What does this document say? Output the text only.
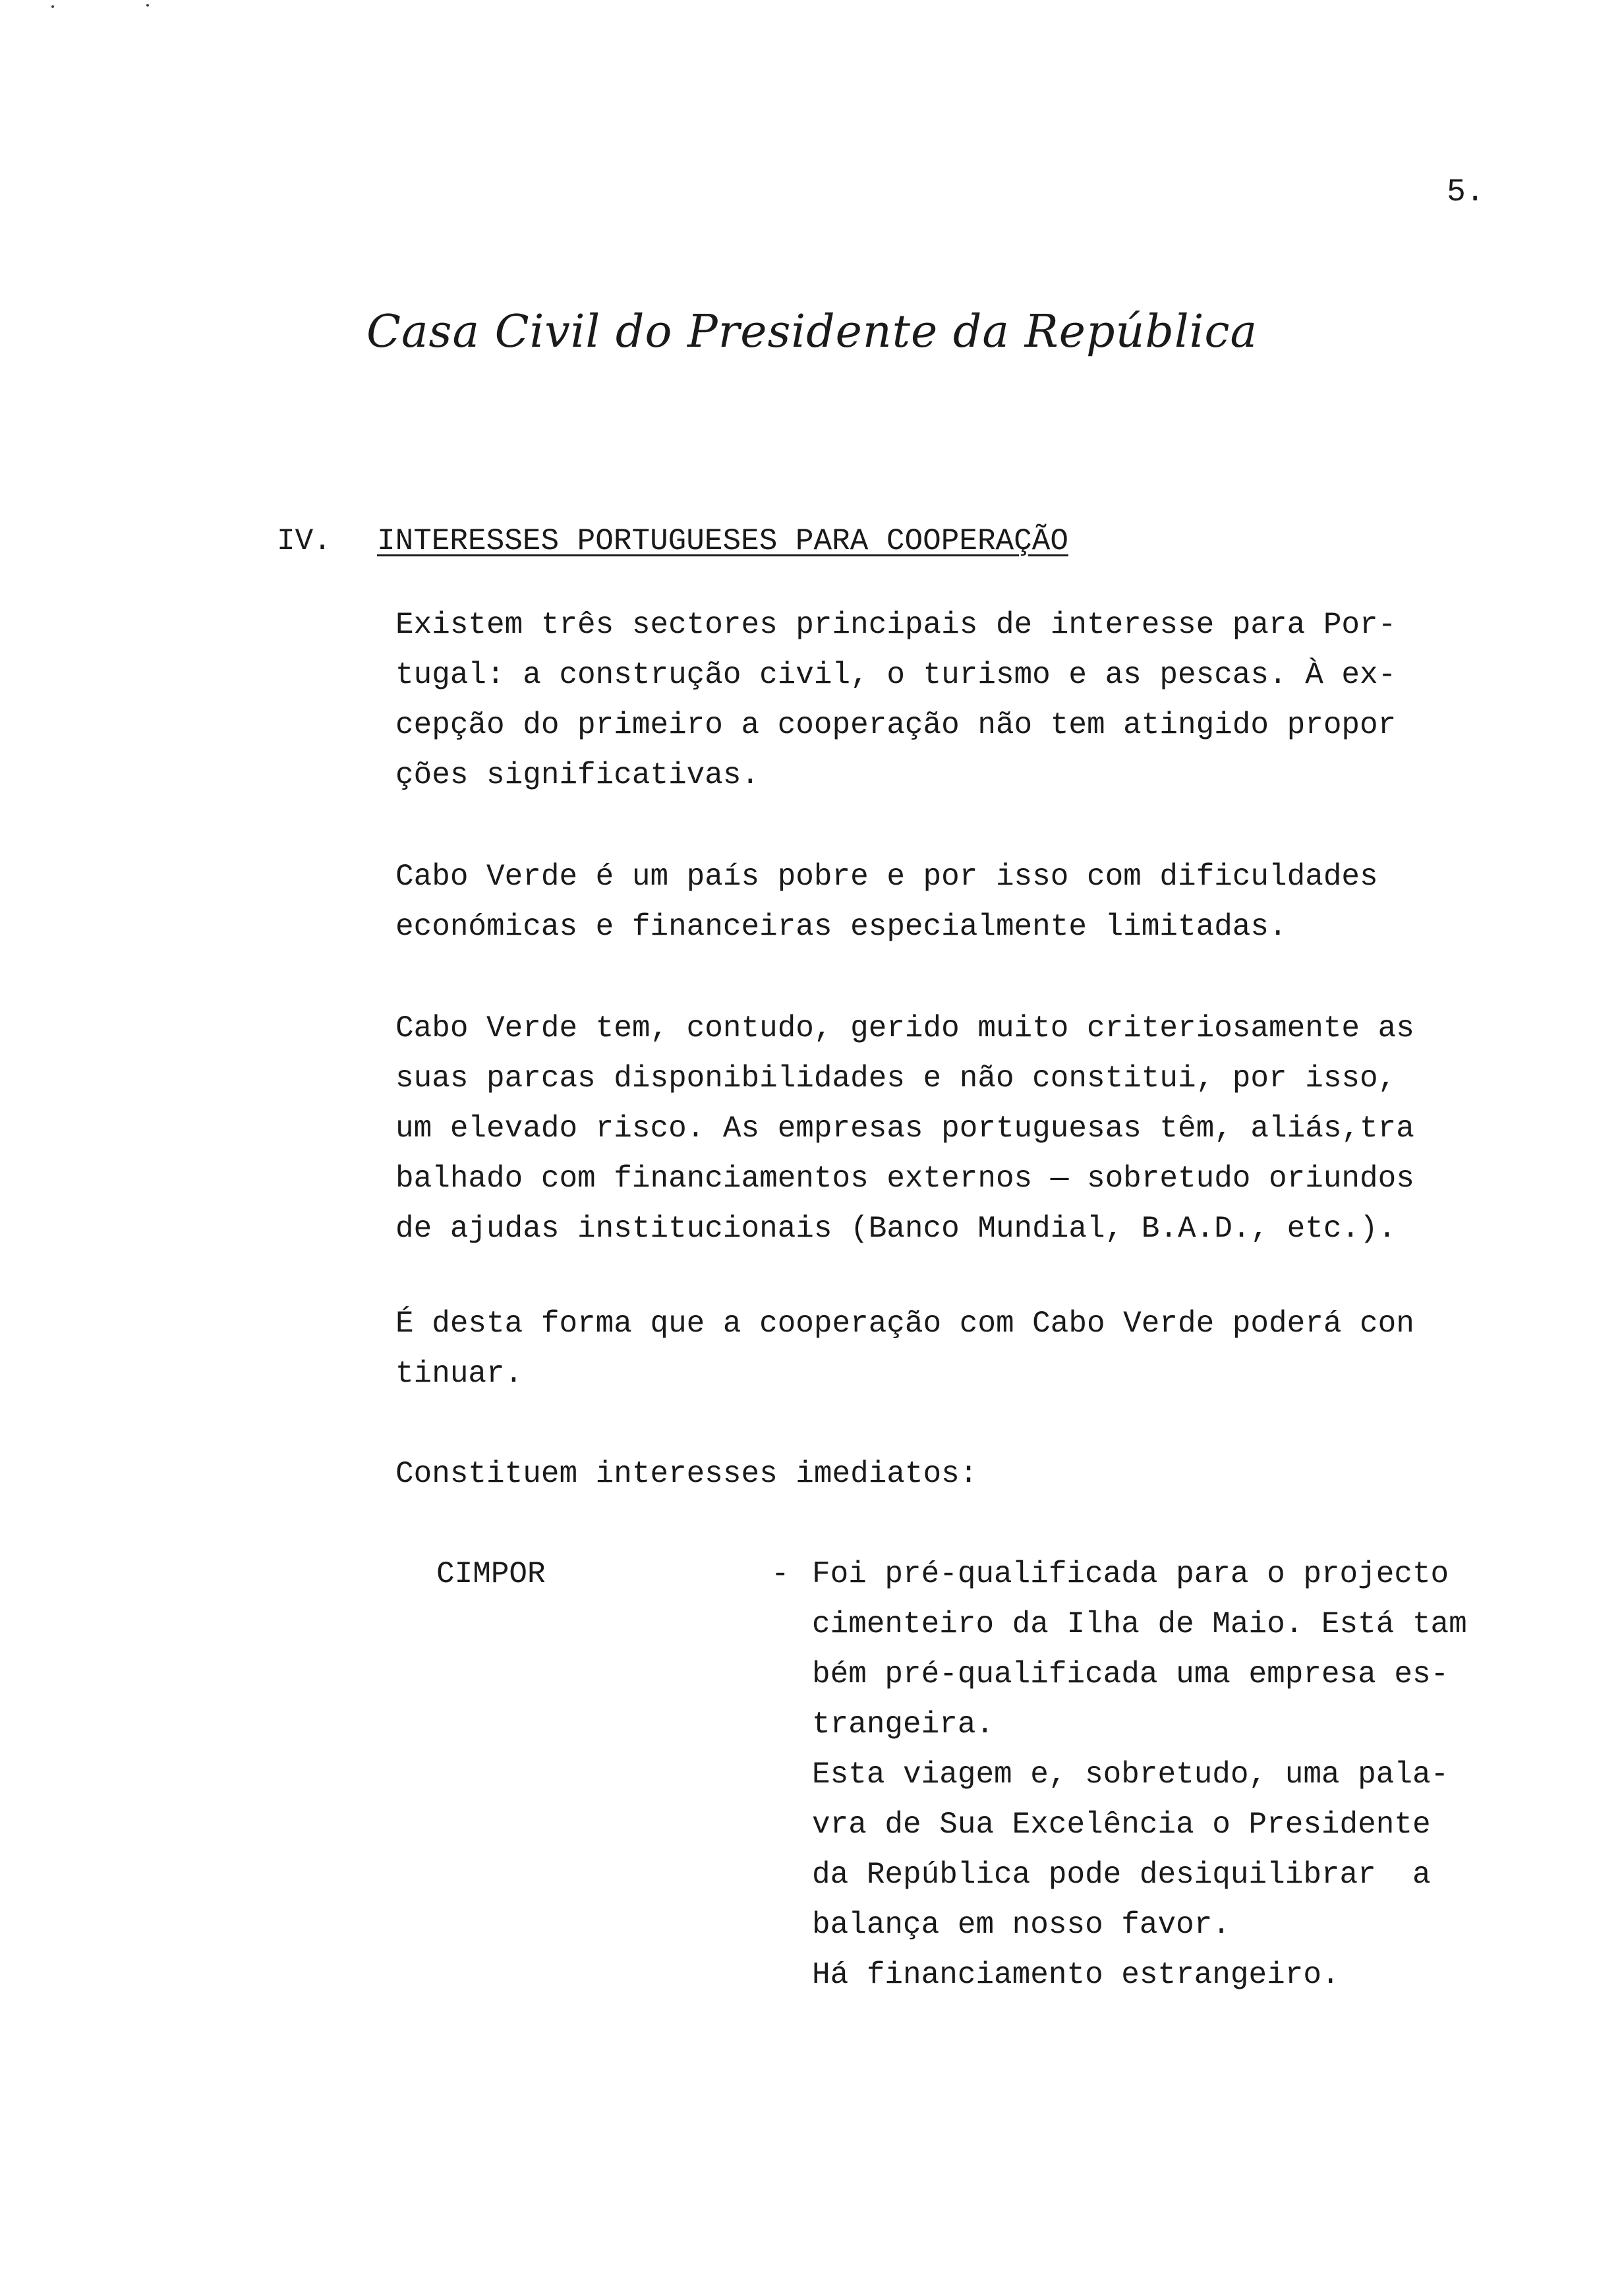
5.
Casa Civil do Presidente da República
IV. INTERESSES PORTUGUESES PARA COOPERAÇÃO
Existem três sectores principais de interesse para Por-
tugal: a construção civil, o turismo e as pescas. À ex-
cepção do primeiro a cooperação não tem atingido propor
ções significativas.
Cabo Verde é um país pobre e por isso com dificuldades
económicas e financeiras especialmente limitadas.
Cabo Verde tem, contudo, gerido muito criteriosamente as
suas parcas disponibilidades e não constitui, por isso,
um elevado risco. As empresas portuguesas têm, aliás,tra
balhado com financiamentos externos — sobretudo oriundos
de ajudas institucionais (Banco Mundial, B.A.D., etc.).
É desta forma que a cooperação com Cabo Verde poderá con
tinuar.
Constituem interesses imediatos:
CIMPOR	- Foi pré-qualificada para o projecto
cimenteiro da Ilha de Maio. Está tam
bém pré-qualificada uma empresa es-
trangeira.
Esta viagem e, sobretudo, uma pala-
vra de Sua Excelência o Presidente
da República pode desiquilibrar  a
balança em nosso favor.
Há financiamento estrangeiro.
